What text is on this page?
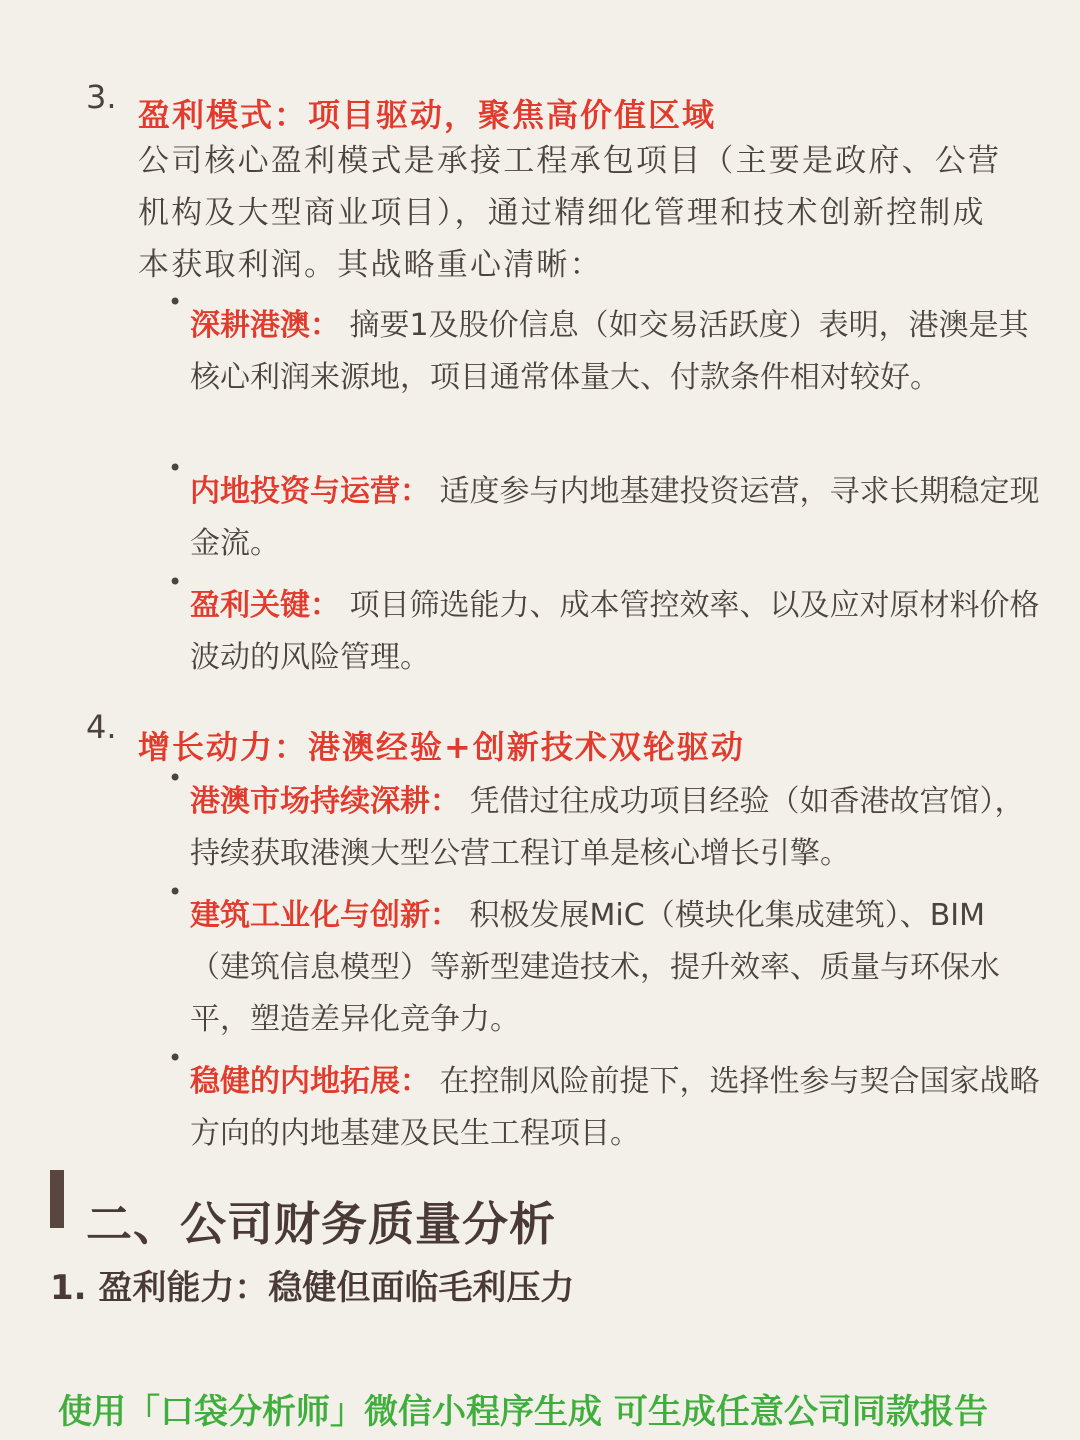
3. 盈利模式：项目驱动，聚焦高价值区域
公司核心盈利模式是承接工程承包项目（主要是政府、公营机构及大型商业项目），通过精细化管理和技术创新控制成本获取利润。其战略重心清晰：
•
深耕港澳： 摘要1及股价信息（如交易活跃度）表明，港澳是其核心利润来源地，项目通常体量大、付款条件相对较好。
•
内地投资与运营： 适度参与内地基建投资运营，寻求长期稳定现金流。
•
盈利关键： 项目筛选能力、成本管控效率、以及应对原材料价格波动的风险管理。
4.
增长动力：港澳经验+创新技术双轮驱动
•
港澳市场持续深耕： 凭借过往成功项目经验（如香港故宫馆），持续获取港澳大型公营工程订单是核心增长引擎。
•
建筑工业化与创新： 积极发展MiC（模块化集成建筑）、BIM（建筑信息模型）等新型建造技术，提升效率、质量与环保水平，塑造差异化竞争力。
•
稳健的内地拓展： 在控制风险前提下，选择性参与契合国家战略方向的内地基建及民生工程项目。
二、公司财务质量分析
1. 盈利能力：稳健但面临毛利压力
使用「口袋分析师」微信小程序生成 可生成任意公司同款报告
